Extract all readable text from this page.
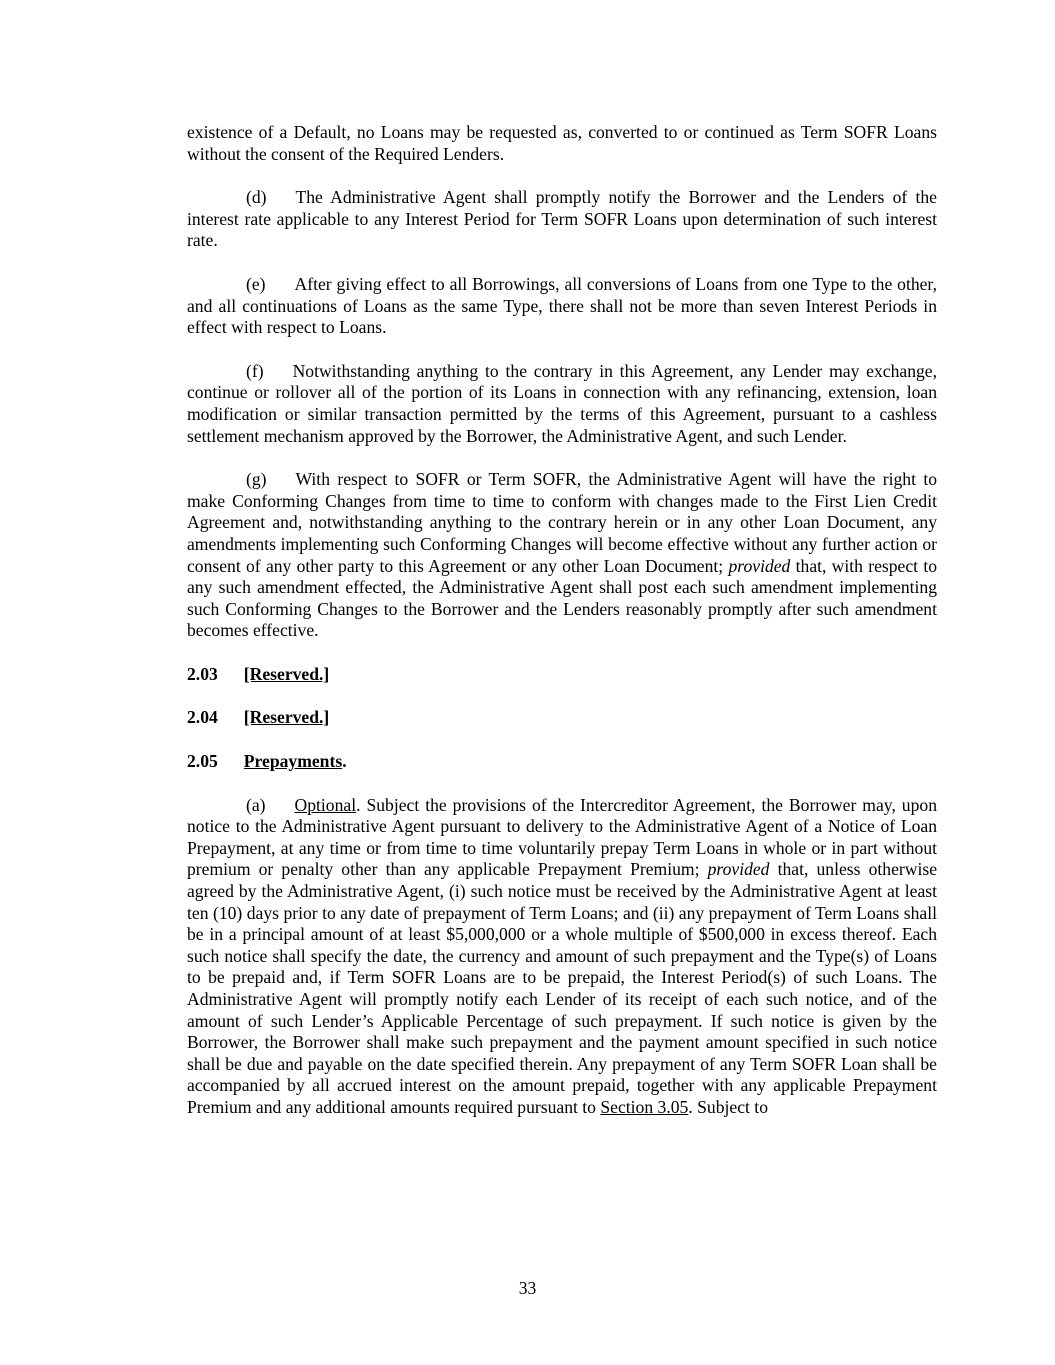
existence of a Default, no Loans may be requested as, converted to or continued as Term SOFR Loans without the consent of the Required Lenders.

(d) The Administrative Agent shall promptly notify the Borrower and the Lenders of the interest rate applicable to any Interest Period for Term SOFR Loans upon determination of such interest rate.

(e) After giving effect to all Borrowings, all conversions of Loans from one Type to the other, and all continuations of Loans as the same Type, there shall not be more than seven Interest Periods in effect with respect to Loans.

(f) Notwithstanding anything to the contrary in this Agreement, any Lender may exchange, continue or rollover all of the portion of its Loans in connection with any refinancing, extension, loan modification or similar transaction permitted by the terms of this Agreement, pursuant to a cashless settlement mechanism approved by the Borrower, the Administrative Agent, and such Lender.

(g) With respect to SOFR or Term SOFR, the Administrative Agent will have the right to make Conforming Changes from time to time to conform with changes made to the First Lien Credit Agreement and, notwithstanding anything to the contrary herein or in any other Loan Document, any amendments implementing such Conforming Changes will become effective without any further action or consent of any other party to this Agreement or any other Loan Document; provided that, with respect to any such amendment effected, the Administrative Agent shall post each such amendment implementing such Conforming Changes to the Borrower and the Lenders reasonably promptly after such amendment becomes effective.

2.03 [Reserved.]
2.04 [Reserved.]
2.05 Prepayments.

(a) Optional. Subject the provisions of the Intercreditor Agreement, the Borrower may, upon notice to the Administrative Agent pursuant to delivery to the Administrative Agent of a Notice of Loan Prepayment, at any time or from time to time voluntarily prepay Term Loans in whole or in part without premium or penalty other than any applicable Prepayment Premium; provided that, unless otherwise agreed by the Administrative Agent, (i) such notice must be received by the Administrative Agent at least ten (10) days prior to any date of prepayment of Term Loans; and (ii) any prepayment of Term Loans shall be in a principal amount of at least $5,000,000 or a whole multiple of $500,000 in excess thereof. Each such notice shall specify the date, the currency and amount of such prepayment and the Type(s) of Loans to be prepaid and, if Term SOFR Loans are to be prepaid, the Interest Period(s) of such Loans. The Administrative Agent will promptly notify each Lender of its receipt of each such notice, and of the amount of such Lender’s Applicable Percentage of such prepayment. If such notice is given by the Borrower, the Borrower shall make such prepayment and the payment amount specified in such notice shall be due and payable on the date specified therein. Any prepayment of any Term SOFR Loan shall be accompanied by all accrued interest on the amount prepaid, together with any applicable Prepayment Premium and any additional amounts required pursuant to Section 3.05. Subject to

33
